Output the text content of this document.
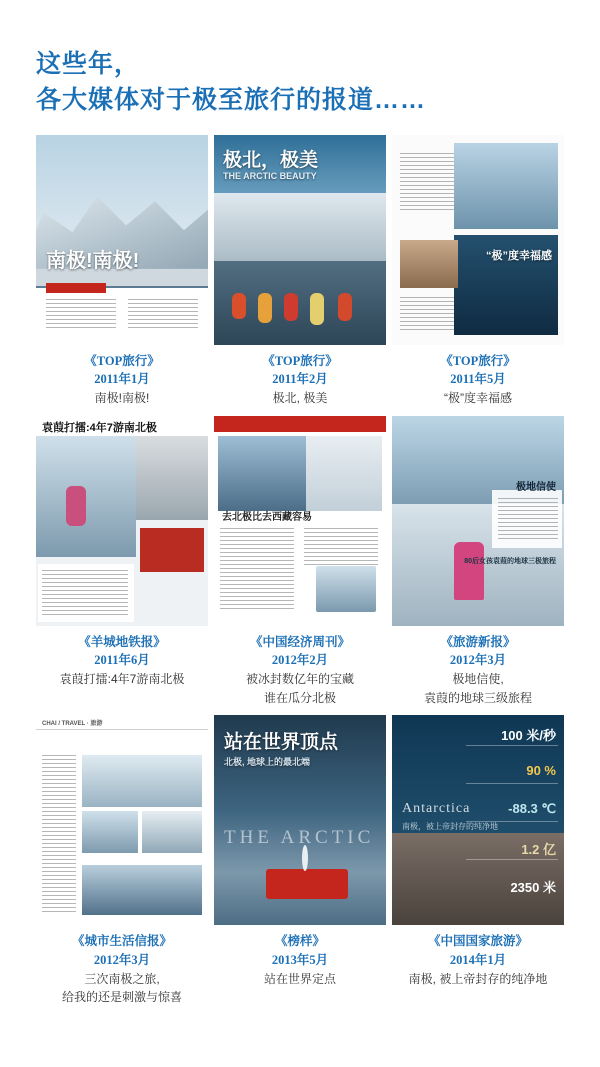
这些年，
各大媒体对于极至旅行的报道……
南极!南极!
《TOP旅行》
2011年1月
南极!南极!
极北，极美
THE ARCTIC BEAUTY
《TOP旅行》
2011年2月
极北, 极美
“极”度幸福感
《TOP旅行》
2011年5月
“极”度幸福感
袁葭打擂:4年7游南北极
《羊城地铁报》
2011年6月
袁葭打擂:4年7游南北极
去北极比去西藏容易
《中国经济周刊》
2012年2月
被冰封数亿年的宝藏
谁在瓜分北极
极地信使
80后女孩袁葭的地球三极旅程
《旅游新报》
2012年3月
极地信使,
袁葭的地球三级旅程
CHAI / TRAVEL · 旅游
《城市生活信报》
2012年3月
三次南极之旅,
给我的还是刺激与惊喜
站在世界顶点
北极, 地球上的最北端
THE ARCTIC
《榜样》
2013年5月
站在世界定点
Antarctica
南极，被上帝封存的纯净地
100 米/秒
90 %
-88.3 ℃
1.2 亿
2350 米
《中国国家旅游》
2014年1月
南极, 被上帝封存的纯净地
